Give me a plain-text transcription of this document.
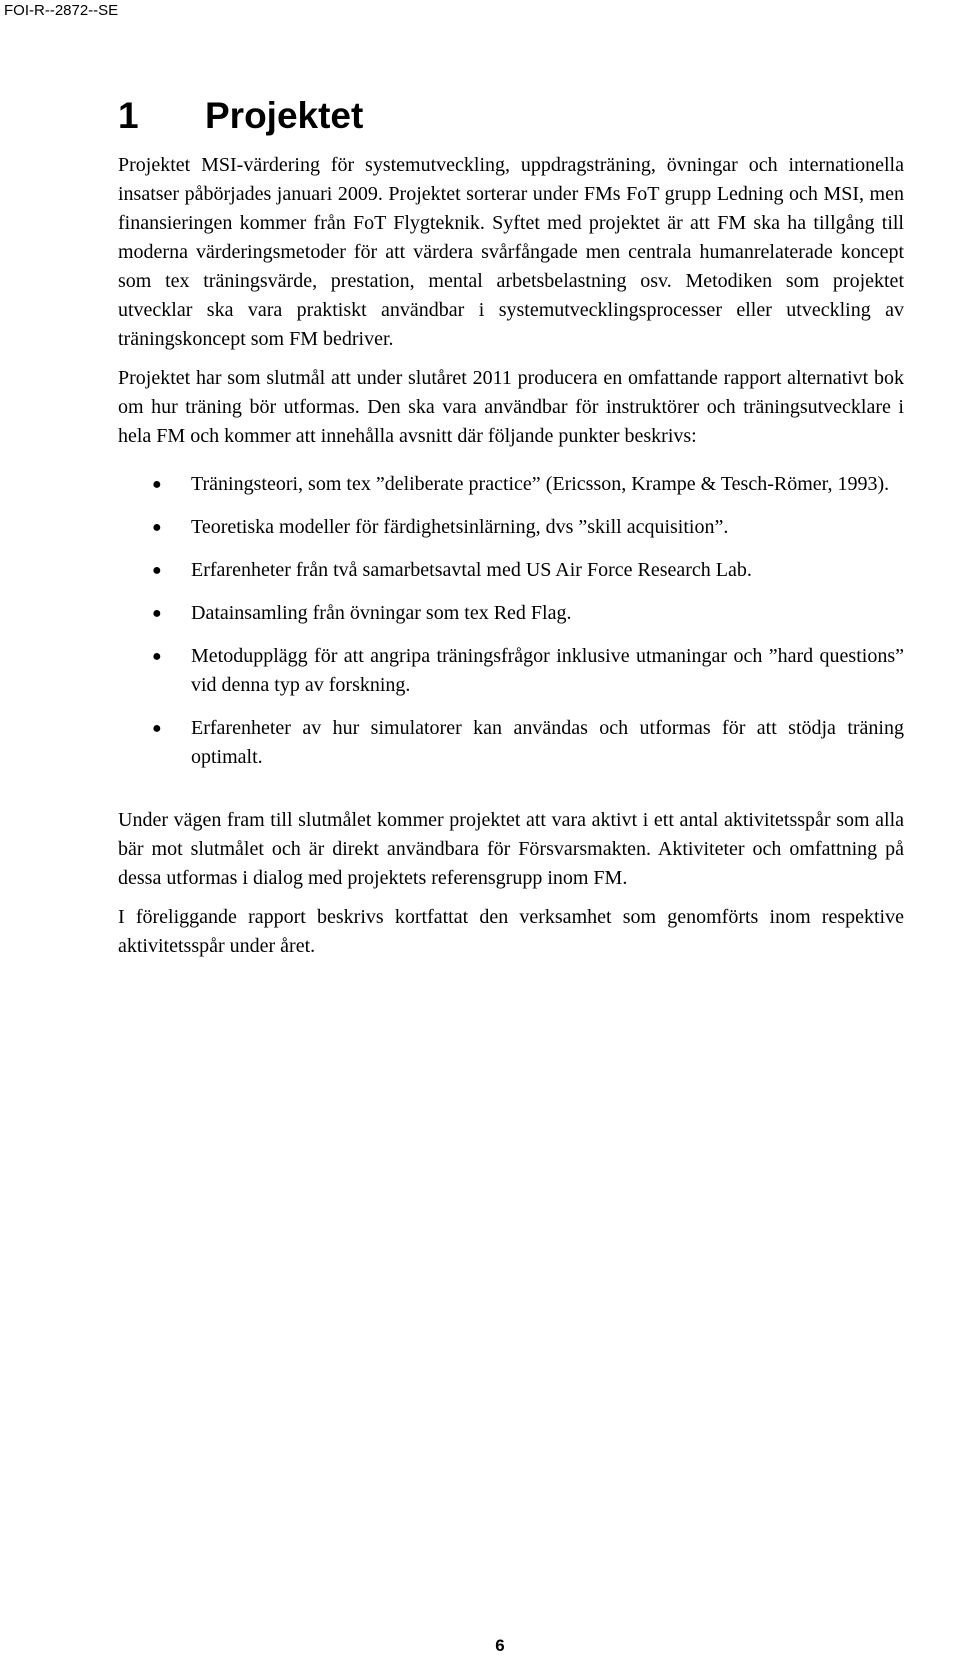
FOI-R--2872--SE
1	Projektet

Projektet MSI-värdering för systemutveckling, uppdragsträning, övningar och internationella insatser påbörjades januari 2009. Projektet sorterar under FMs FoT grupp Ledning och MSI, men finansieringen kommer från FoT Flygteknik. Syftet med projektet är att FM ska ha tillgång till moderna värderingsmetoder för att värdera svårfångade men centrala humanrelaterade koncept som tex träningsvärde, prestation, mental arbetsbelastning osv. Metodiken som projektet utvecklar ska vara praktiskt användbar i systemutvecklingsprocesser eller utveckling av träningskoncept som FM bedriver.

Projektet har som slutmål att under slutåret 2011 producera en omfattande rapport alternativt bok om hur träning bör utformas. Den ska vara användbar för instruktörer och träningsutvecklare i hela FM och kommer att innehålla avsnitt där följande punkter beskrivs:

● Träningsteori, som tex ”deliberate practice” (Ericsson, Krampe & Tesch-Römer, 1993).
● Teoretiska modeller för färdighetsinlärning, dvs ”skill acquisition”.
● Erfarenheter från två samarbetsavtal med US Air Force Research Lab.
● Datainsamling från övningar som tex Red Flag.
● Metodupplägg för att angripa träningsfrågor inklusive utmaningar och ”hard questions” vid denna typ av forskning.
● Erfarenheter av hur simulatorer kan användas och utformas för att stödja träning optimalt.

Under vägen fram till slutmålet kommer projektet att vara aktivt i ett antal aktivitetsspår som alla bär mot slutmålet och är direkt användbara för Försvarsmakten. Aktiviteter och omfattning på dessa utformas i dialog med projektets referensgrupp inom FM.

I föreliggande rapport beskrivs kortfattat den verksamhet som genomförts inom respektive aktivitetsspår under året.

6
